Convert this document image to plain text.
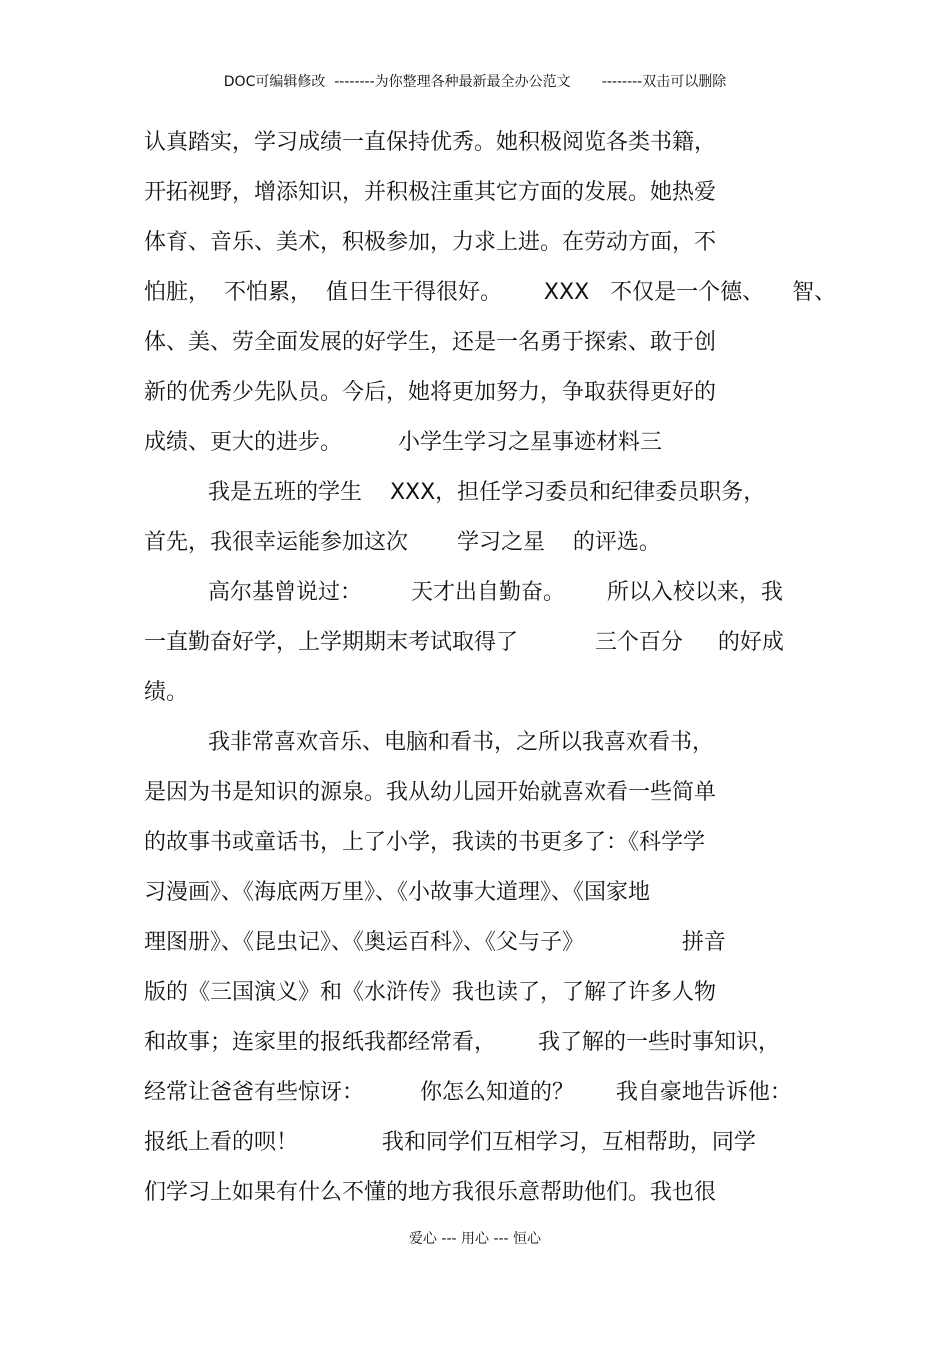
DOC可编辑修改  --------为你整理各种最新最全办公范文       --------双击可以删除
认真踏实，学习成绩一直保持优秀。她积极阅览各类书籍，
开拓视野，增添知识，并积极注重其它方面的发展。她热爱
体育、音乐、美术，积极参加，力求上进。在劳动方面，不
怕脏，  不怕累，  值日生干得很好。      XXX   不仅是一个德、    智、
体、美、劳全面发展的好学生，还是一名勇于探索、敢于创
新的优秀少先队员。今后，她将更加努力，争取获得更好的
成绩、更大的进步。        小学生学习之星事迹材料三
我是五班的学生    XXX，担任学习委员和纪律委员职务，
首先，我很幸运能参加这次       学习之星    的评选。
高尔基曾说过：       天才出自勤奋。      所以入校以来，我
一直勤奋好学，上学期期末考试取得了           三个百分     的好成
绩。
我非常喜欢音乐、电脑和看书，之所以我喜欢看书，
是因为书是知识的源泉。我从幼儿园开始就喜欢看一些简单
的故事书或童话书，上了小学，我读的书更多了：《科学学
习漫画》、《海底两万里》、《小故事大道理》、《国家地
理图册》、《昆虫记》、《奥运百科》、《父与子》              拼音
版的《三国演义》和《水浒传》我也读了，了解了许多人物
和故事；连家里的报纸我都经常看，      我了解的一些时事知识，
经常让爸爸有些惊讶：        你怎么知道的？      我自豪地告诉他：
报纸上看的呗！            我和同学们互相学习，互相帮助，同学
们学习上如果有什么不懂的地方我很乐意帮助他们。我也很
爱心 --- 用心 --- 恒心
